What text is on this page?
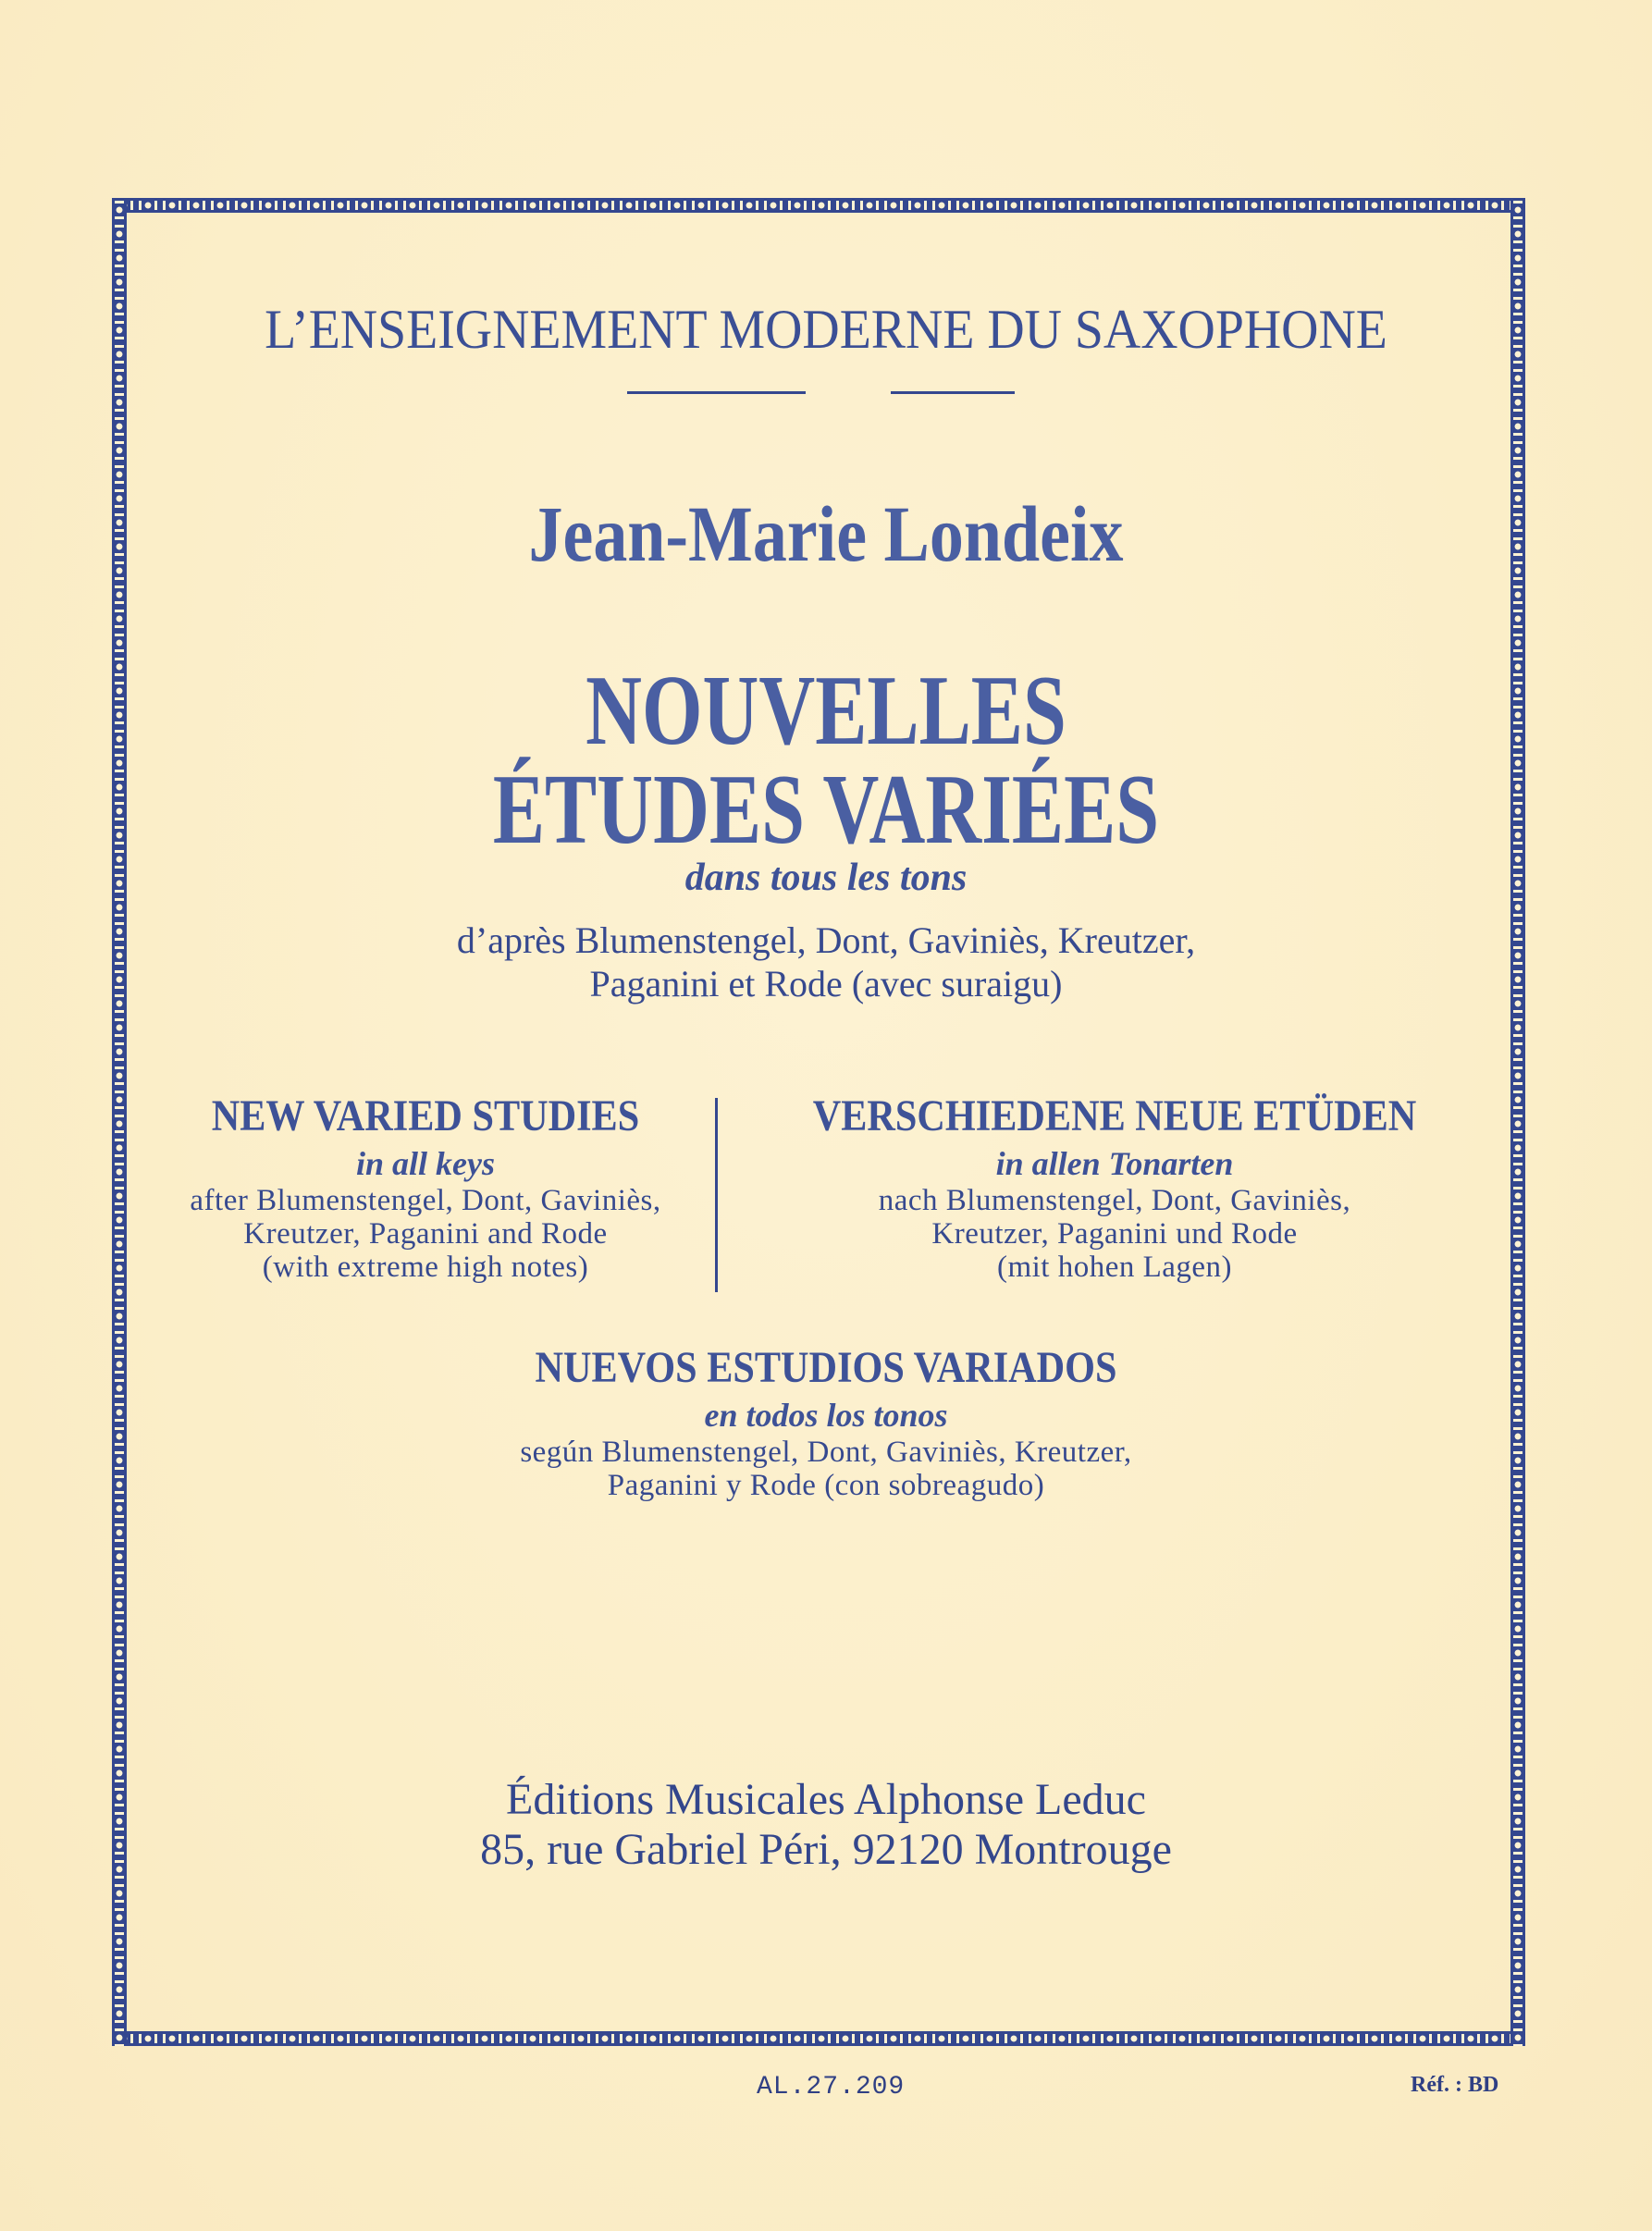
L’ENSEIGNEMENT MODERNE DU SAXOPHONE
Jean-Marie Londeix
NOUVELLES
ÉTUDES VARIÉES
dans tous les tons
d’après Blumenstengel, Dont, Gaviniès, Kreutzer,
Paganini et Rode (avec suraigu)
NEW VARIED STUDIES
in all keys
after Blumenstengel, Dont, Gaviniès,
Kreutzer, Paganini and Rode
(with extreme high notes)
VERSCHIEDENE NEUE ETÜDEN
in allen Tonarten
nach Blumenstengel, Dont, Gaviniès,
Kreutzer, Paganini und Rode
(mit hohen Lagen)
NUEVOS ESTUDIOS VARIADOS
en todos los tonos
según Blumenstengel, Dont, Gaviniès, Kreutzer,
Paganini y Rode (con sobreagudo)
Éditions Musicales Alphonse Leduc
85, rue Gabriel Péri, 92120 Montrouge
AL.27.209	Réf. : BD
